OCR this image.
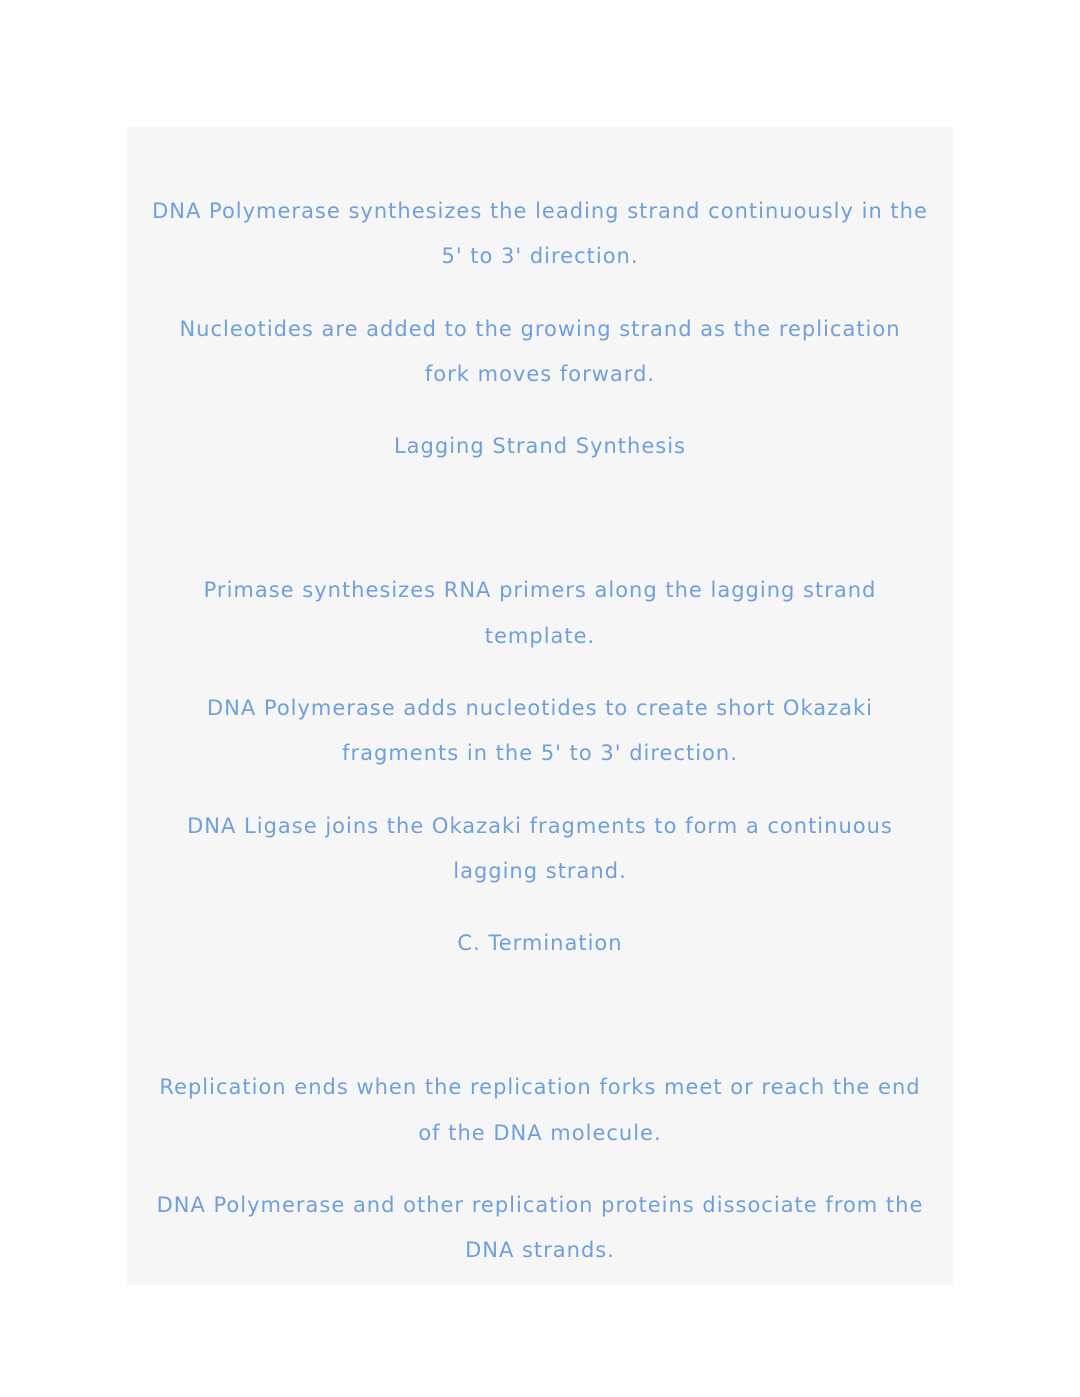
DNA Polymerase synthesizes the leading strand continuously in the
5' to 3' direction.
Nucleotides are added to the growing strand as the replication
fork moves forward.
Lagging Strand Synthesis
Primase synthesizes RNA primers along the lagging strand
template.
DNA Polymerase adds nucleotides to create short Okazaki
fragments in the 5' to 3' direction.
DNA Ligase joins the Okazaki fragments to form a continuous
lagging strand.
C. Termination
Replication ends when the replication forks meet or reach the end
of the DNA molecule.
DNA Polymerase and other replication proteins dissociate from the
DNA strands.
